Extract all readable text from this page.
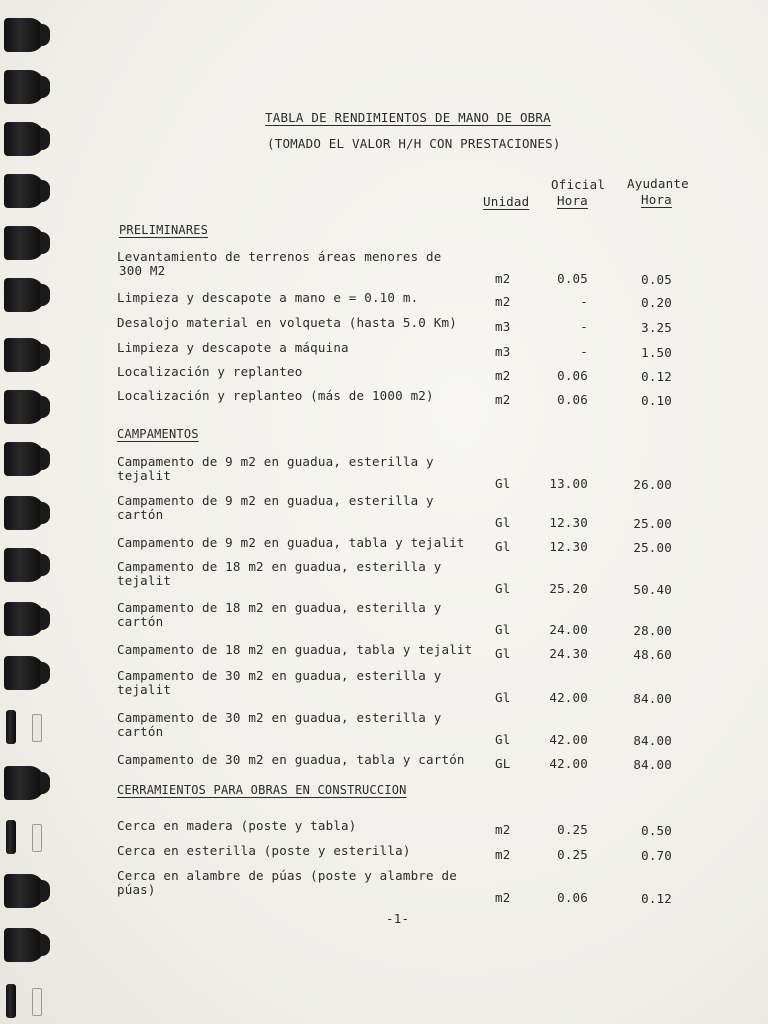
TABLA DE RENDIMIENTOS DE MANO DE OBRA
(TOMADO EL VALOR H/H CON PRESTACIONES)
Oficial Ayudante
Unidad	Hora	Hora
PRELIMINARES
Levantamiento de terrenos áreas menores de
300 M2
m2	0.05	0.05
Limpieza y descapote a mano e = 0.10 m.	m2	-	0.20
Desalojo material en volqueta (hasta 5.0 Km)	m3	-	3.25
Limpieza y descapote a máquina	m3	-	1.50
Localización y replanteo	m2	0.06	0.12
Localización y replanteo (más de 1000 m2)	m2	0.06	0.10
CAMPAMENTOS
Campamento de 9 m2 en guadua, esterilla y
tejalit
Gl	13.00	26.00
Campamento de 9 m2 en guadua, esterilla y
cartón
Gl	12.30	25.00
Campamento de 9 m2 en guadua, tabla y tejalit Gl	12.30	25.00
Campamento de 18 m2 en guadua, esterilla y
tejalit
Gl	25.20	50.40
Campamento de 18 m2 en guadua, esterilla y
cartón
Gl	24.00	28.00
Campamento de 18 m2 en guadua, tabla y tejalit Gl	24.30	48.60
Campamento de 30 m2 en guadua, esterilla y
tejalit
Gl	42.00	84.00
Campamento de 30 m2 en guadua, esterilla y
cartón
Gl	42.00	84.00
Campamento de 30 m2 en guadua, tabla y cartón GL	42.00	84.00
CERRAMIENTOS PARA OBRAS EN CONSTRUCCION
Cerca en madera (poste y tabla)	m2	0.25	0.50
Cerca en esterilla (poste y esterilla)	m2	0.25	0.70
Cerca en alambre de púas (poste y alambre de
púas)
m2	0.06	0.12
-1-
